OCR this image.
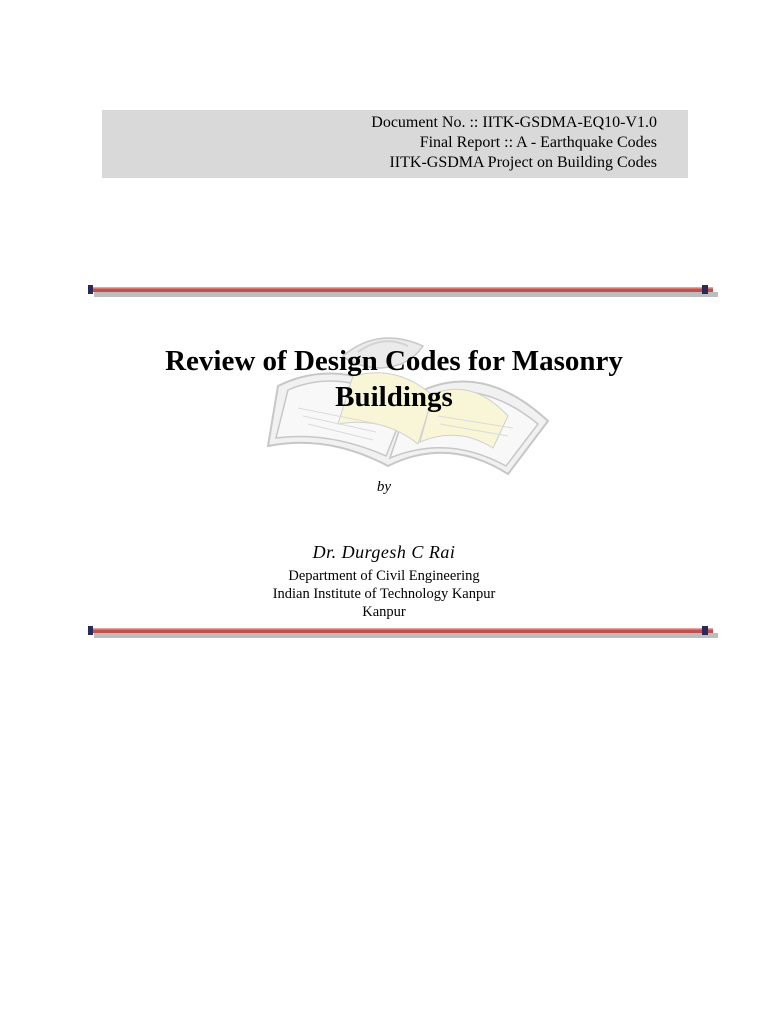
Document No. :: IITK-GSDMA-EQ10-V1.0
Final Report :: A - Earthquake Codes
IITK-GSDMA Project on Building Codes
Review of Design Codes for Masonry
Buildings
by
Dr. Durgesh C Rai
Department of Civil Engineering
Indian Institute of Technology Kanpur
Kanpur
